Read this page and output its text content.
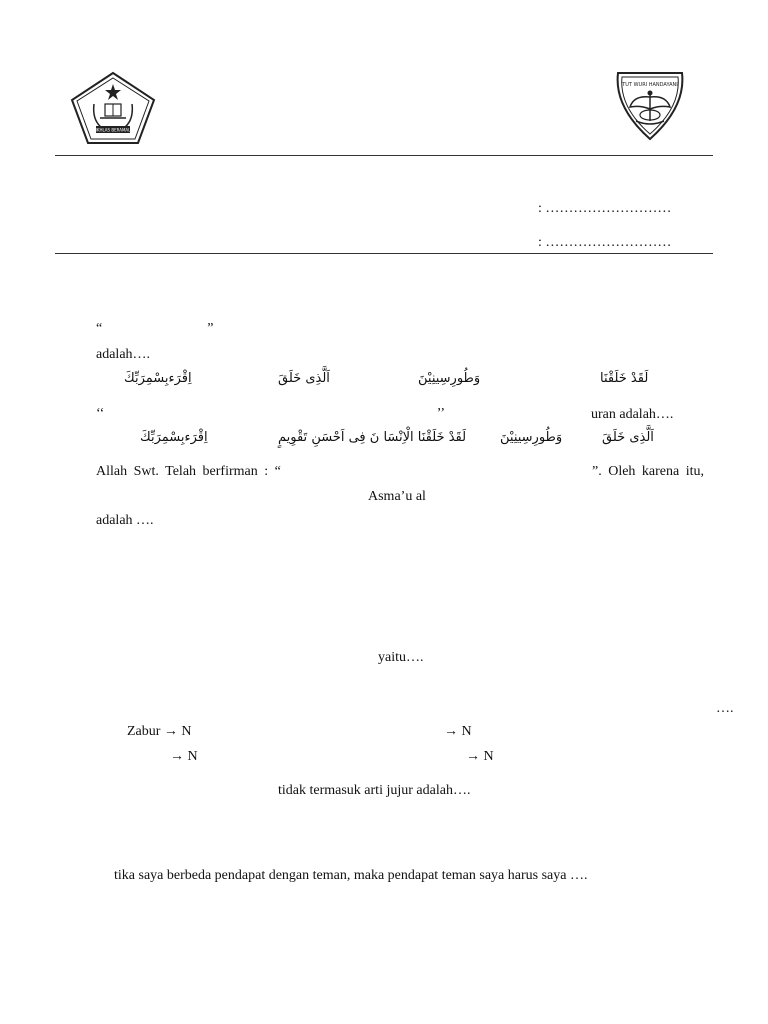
IKHLAS BERAMAL
TUT WURI HANDAYANI
: ………………………
: ………………………
“                              ”
adalah….
اِقْرَءبِسْمِرَبِّكَ	اَلَّذِى خَلَقَ	وَطُورِسِينِيْنَ	لَقَدْ خَلَقْنَا
‘‘                                                                                               ’’	uran adalah….
اِقْرَءبِسْمِرَبِّكَ	لَقَدْ خَلَقْنَا الْاِنْسَا نَ فِى اَحْسَنِ تَقْوِيمٍ	وَطُورِسِينِيْنَ	اَلَّذِى خَلَقَ
Allah Swt. Telah berfirman : “	”. Oleh karena itu,
Asma’u al
adalah ….
yaitu….
….
Zabur → N	→ N
→ N	→ N
tidak termasuk arti jujur adalah….
tika saya berbeda pendapat dengan teman, maka pendapat teman saya harus saya ….
